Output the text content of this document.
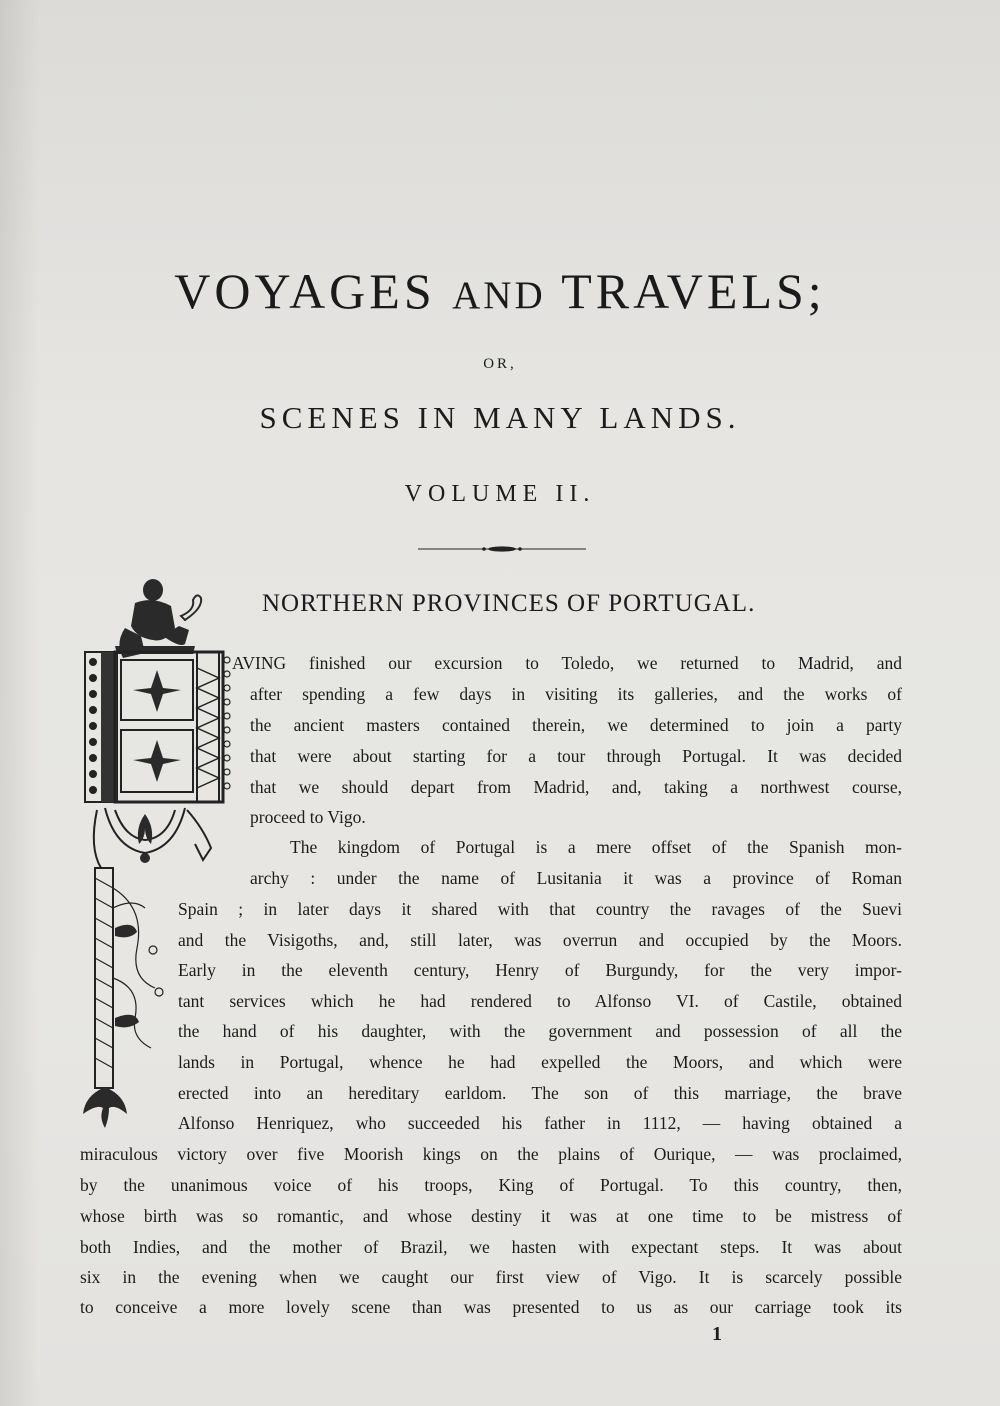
VOYAGES AND TRAVELS;
OR,
SCENES IN MANY LANDS.
VOLUME II.
NORTHERN PROVINCES OF PORTUGAL.
AVING finished our excursion to Toledo, we returned to Madrid, and
after spending a few days in visiting its galleries, and the works of
the ancient masters contained therein, we determined to join a party
that were about starting for a tour through Portugal. It was decided
that we should depart from Madrid, and, taking a northwest course,
proceed to Vigo.
The kingdom of Portugal is a mere offset of the Spanish mon-
archy : under the name of Lusitania it was a province of Roman
Spain ; in later days it shared with that country the ravages of the Suevi
and the Visigoths, and, still later, was overrun and occupied by the Moors.
Early in the eleventh century, Henry of Burgundy, for the very impor-
tant services which he had rendered to Alfonso VI. of Castile, obtained
the hand of his daughter, with the government and possession of all the
lands in Portugal, whence he had expelled the Moors, and which were
erected into an hereditary earldom. The son of this marriage, the brave
Alfonso Henriquez, who succeeded his father in 1112, — having obtained a
miraculous victory over five Moorish kings on the plains of Ourique, — was proclaimed,
by the unanimous voice of his troops, King of Portugal. To this country, then,
whose birth was so romantic, and whose destiny it was at one time to be mistress of
both Indies, and the mother of Brazil, we hasten with expectant steps. It was about
six in the evening when we caught our first view of Vigo. It is scarcely possible
to conceive a more lovely scene than was presented to us as our carriage took its
1
